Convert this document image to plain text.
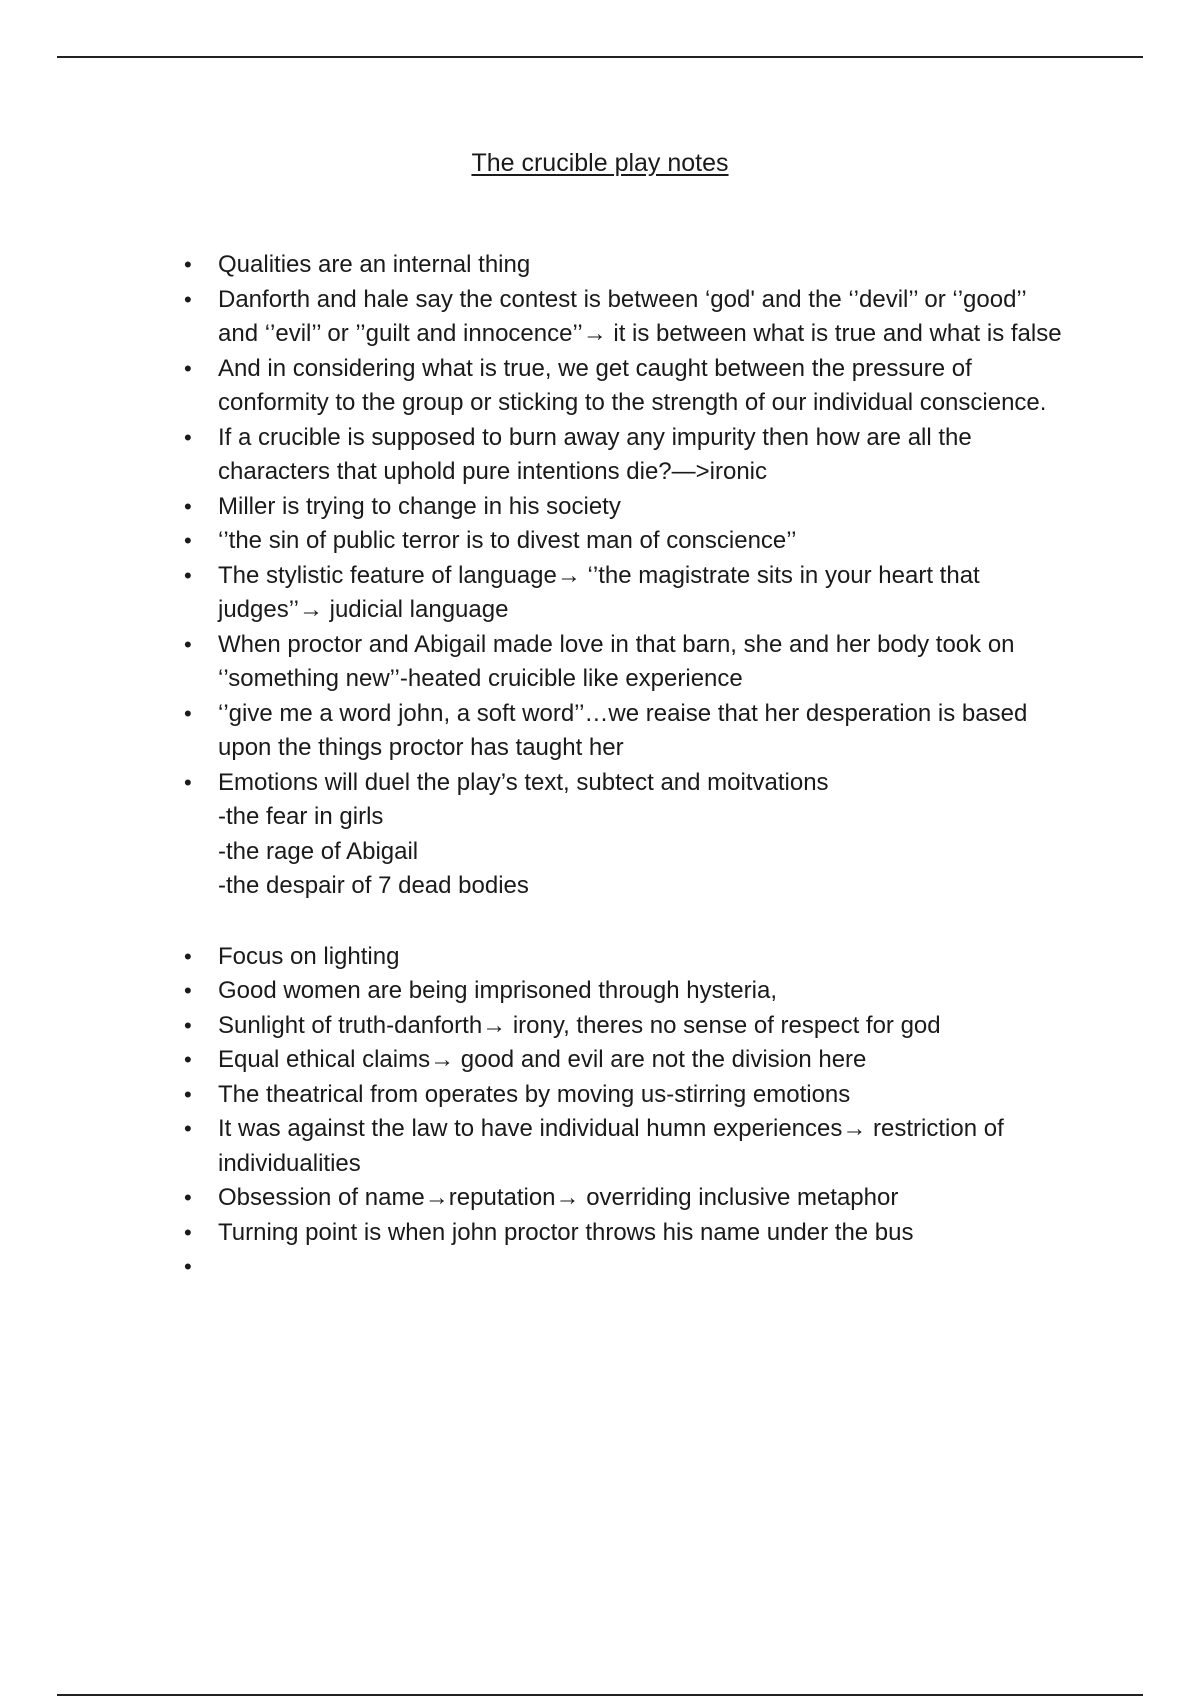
The crucible play notes
• Qualities are an internal thing
• Danforth and hale say the contest is between ‘god' and the ‘’devil’’ or ‘’good’’ and ‘’evil’’ or ’’guilt and innocence’’→ it is between what is true and what is false
• And in considering what is true, we get caught between the pressure of conformity to the group or sticking to the strength of our individual conscience.
• If a crucible is supposed to burn away any impurity then how are all the characters that uphold pure intentions die?—>ironic
• Miller is trying to change in his society
• ‘’the sin of public terror is to divest man of conscience’’
• The stylistic feature of language→ ‘’the magistrate sits in your heart that judges’’→ judicial language
• When proctor and Abigail made love in that barn, she and her body took on ‘’something new’’-heated cruicible like experience
• ‘’give me a word john, a soft word’’…we reaise that her desperation is based upon the things proctor has taught her
• Emotions will duel the play’s text, subtect and moitvations
-the fear in girls
-the rage of Abigail
-the despair of 7 dead bodies
• Focus on lighting
• Good women are being imprisoned through hysteria,
• Sunlight of truth-danforth→ irony, theres no sense of respect for god
• Equal ethical claims→ good and evil are not the division here
• The theatrical from operates by moving us-stirring emotions
• It was against the law to have individual humn experiences→ restriction of individualities
• Obsession of name→reputation→ overriding inclusive metaphor
• Turning point is when john proctor throws his name under the bus
•
